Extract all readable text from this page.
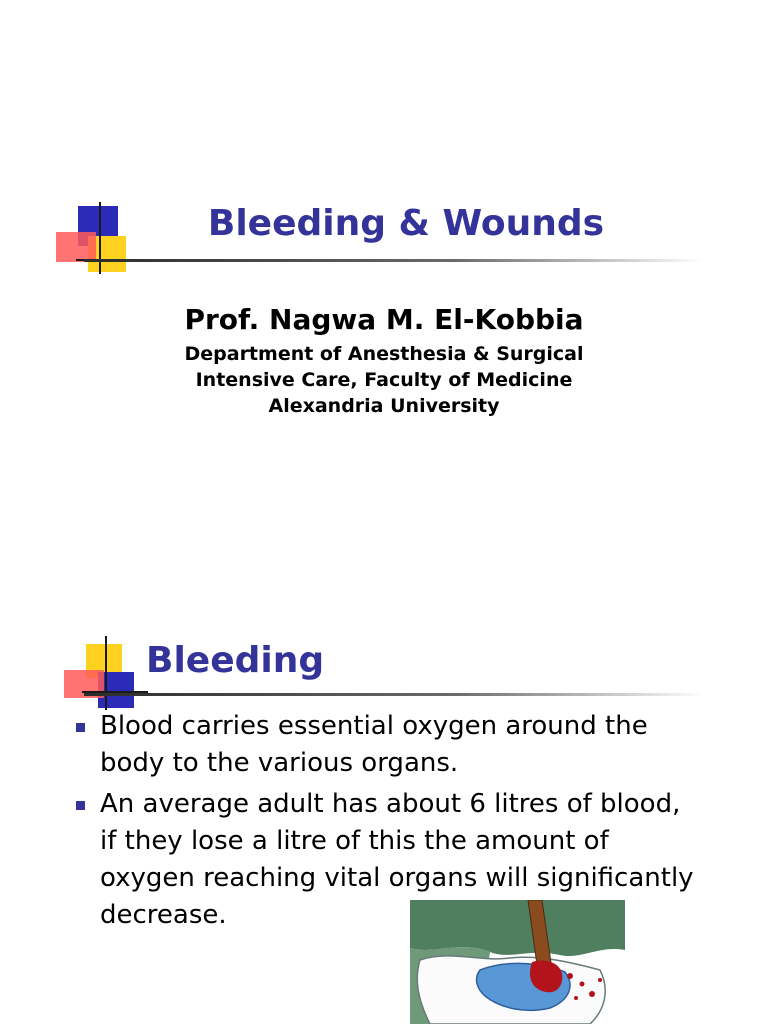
Bleeding & Wounds
Prof. Nagwa M. El-Kobbia
Department of Anesthesia & Surgical
Intensive Care, Faculty of Medicine
Alexandria University
Bleeding
Blood carries essential oxygen around the
body to the various organs.
An average adult has about 6 litres of blood,
if they lose a litre of this the amount of
oxygen reaching vital organs will significantly
decrease.
